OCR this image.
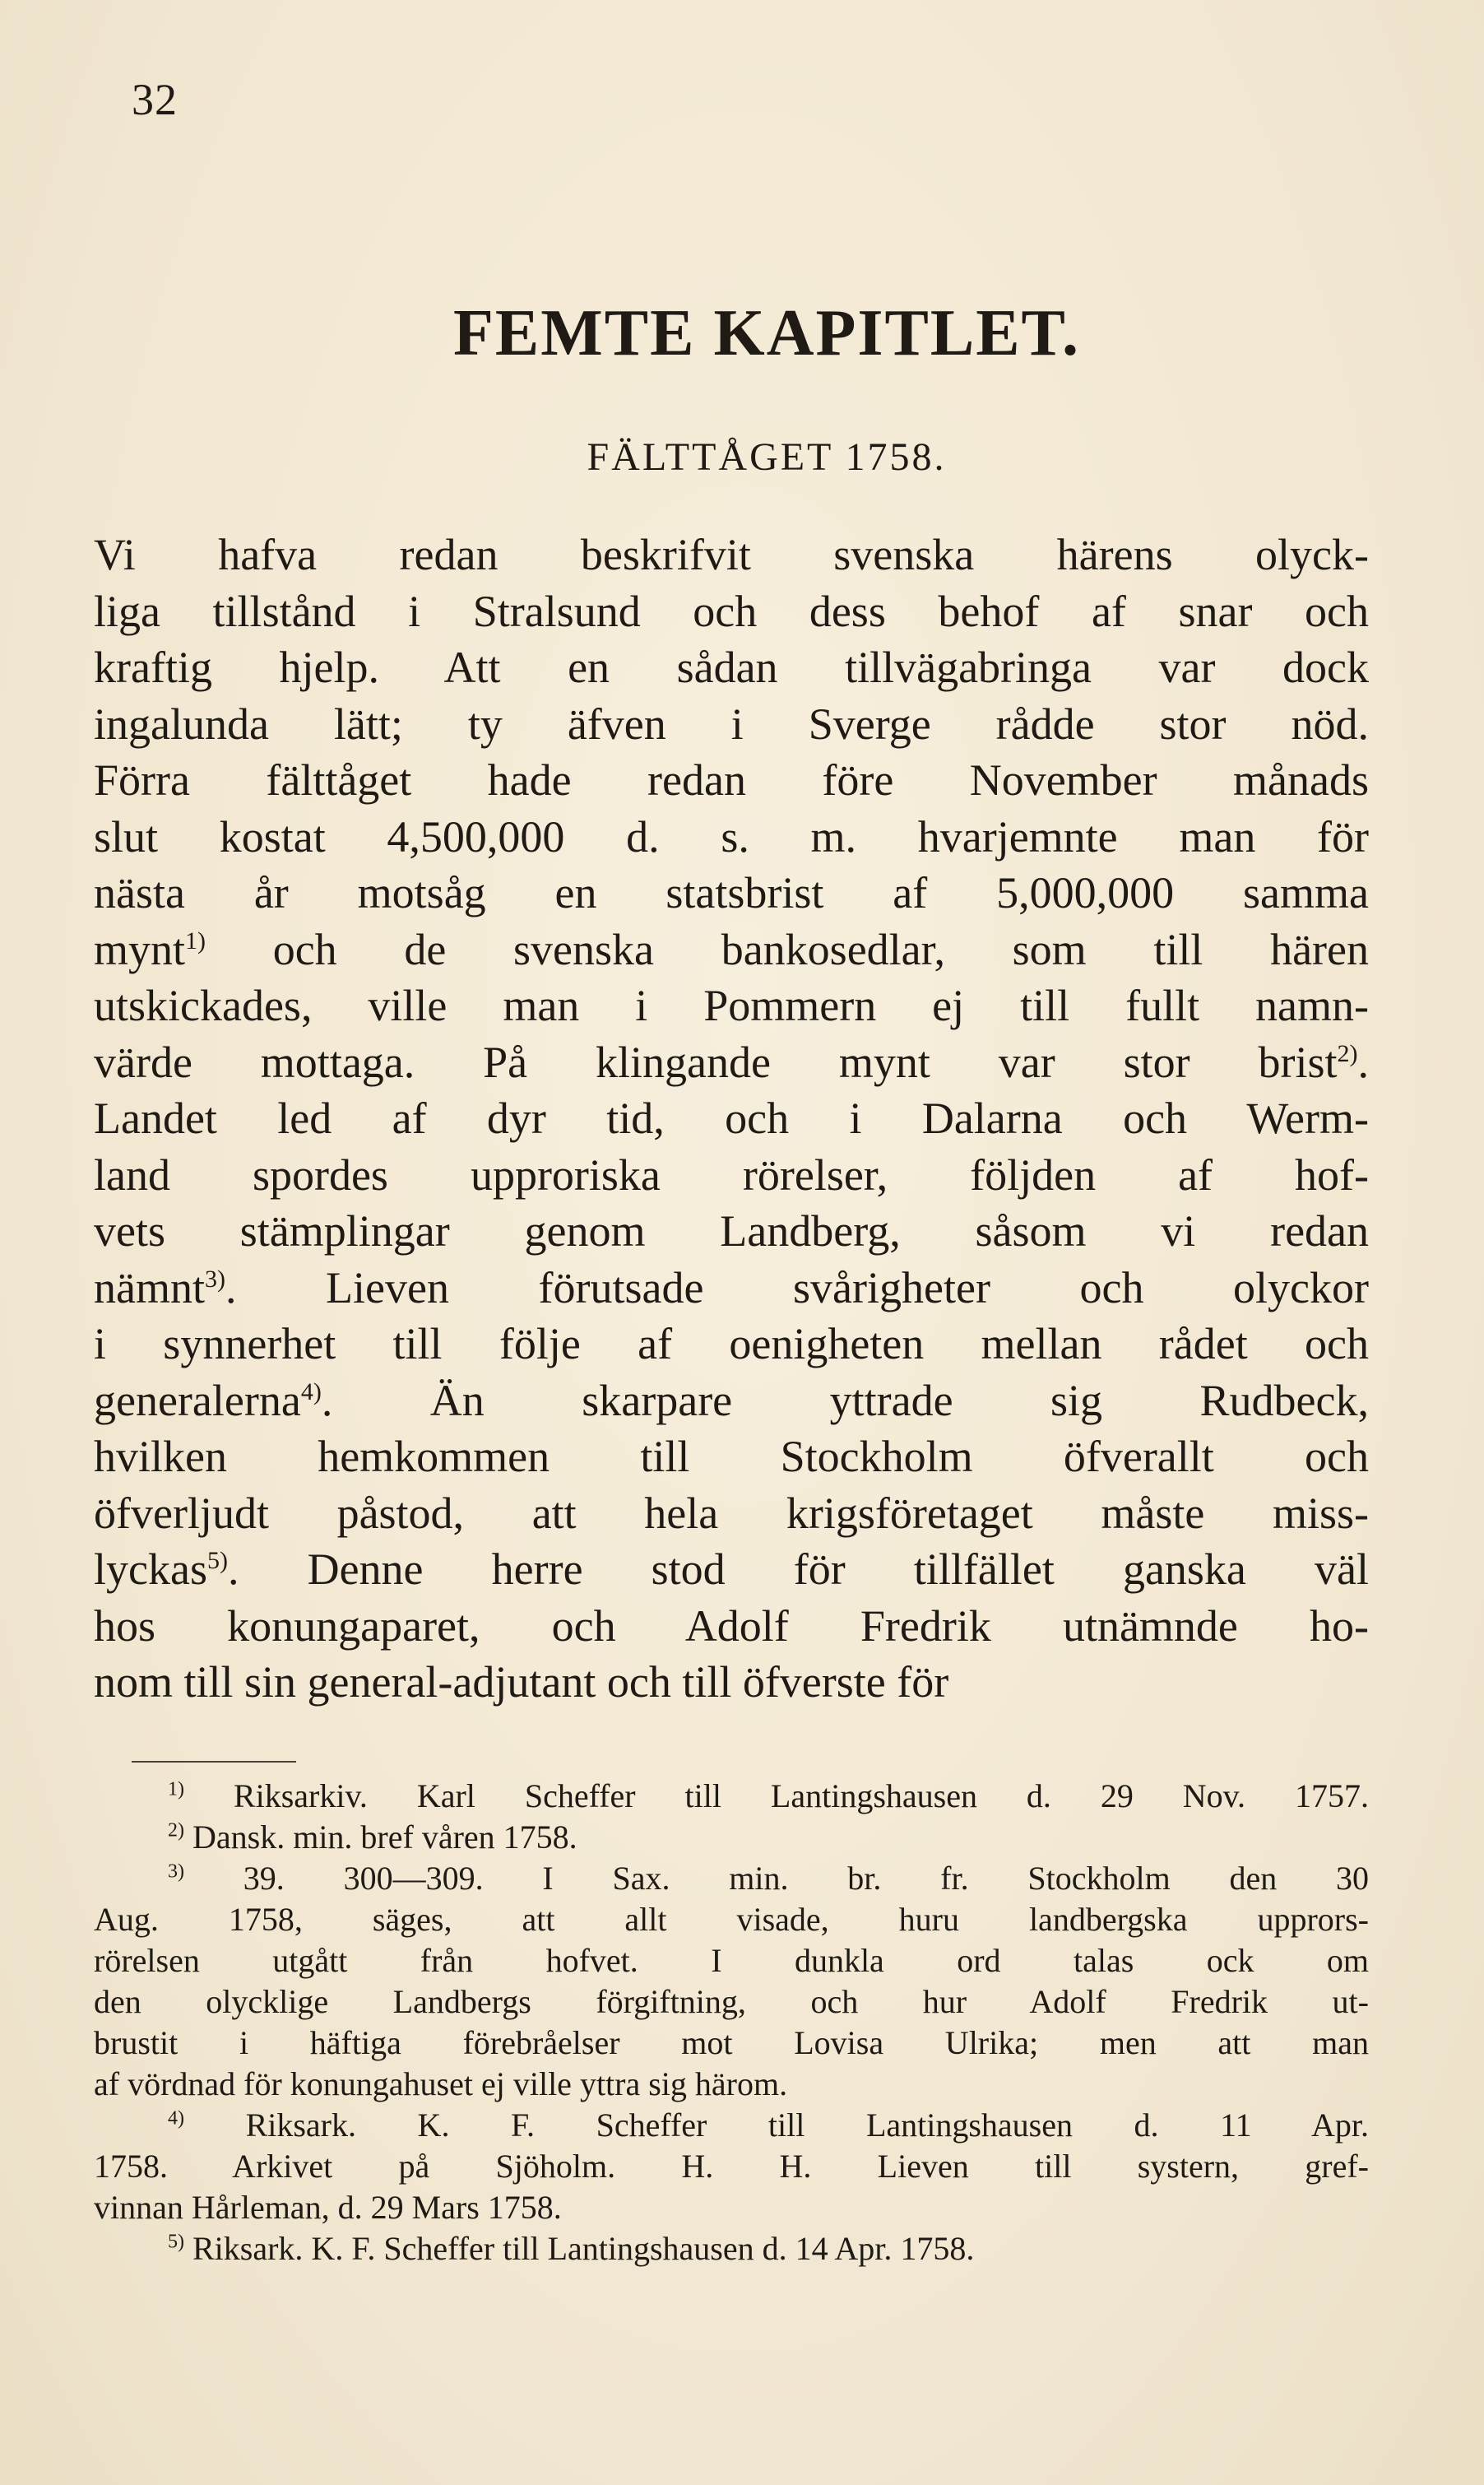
32
FEMTE KAPITLET.
FÄLTTÅGET 1758.
Vi hafva redan beskrifvit svenska härens olyck-
liga tillstånd i Stralsund och dess behof af snar och
kraftig hjelp. Att en sådan tillvägabringa var dock
ingalunda lätt; ty äfven i Sverge rådde stor nöd.
Förra fälttåget hade redan före November månads
slut kostat 4,500,000 d. s. m. hvarjemnte man för
nästa år motsåg en statsbrist af 5,000,000 samma
mynt$^{1)}$ och de svenska bankosedlar, som till hären
utskickades, ville man i Pommern ej till fullt namn-
värde mottaga. På klingande mynt var stor brist$^{2)}$.
Landet led af dyr tid, och i Dalarna och Werm-
land spordes upproriska rörelser, följden af hof-
vets stämplingar genom Landberg, såsom vi redan
nämnt$^{3)}$. Lieven förutsade svårigheter och olyckor
i synnerhet till följe af oenigheten mellan rådet och
generalerna$^{4)}$. Än skarpare yttrade sig Rudbeck,
hvilken hemkommen till Stockholm öfverallt och
öfverljudt påstod, att hela krigsföretaget måste miss-
lyckas$^{5)}$. Denne herre stod för tillfället ganska väl
hos konungaparet, och Adolf Fredrik utnämnde ho-
nom till sin general-adjutant och till öfverste för
$^{1)}$ Riksarkiv. Karl Scheffer till Lantingshausen d. 29 Nov. 1757.
$^{2)}$ Dansk. min. bref våren 1758.
$^{3)}$ 39. 300—309. I Sax. min. br. fr. Stockholm den 30
Aug. 1758, säges, att allt visade, huru landbergska upprors-
rörelsen utgått från hofvet. I dunkla ord talas ock om
den olycklige Landbergs förgiftning, och hur Adolf Fredrik ut-
brustit i häftiga förebråelser mot Lovisa Ulrika; men att man
af vördnad för konungahuset ej ville yttra sig härom.
$^{4)}$ Riksark. K. F. Scheffer till Lantingshausen d. 11 Apr.
1758. Arkivet på Sjöholm. H. H. Lieven till systern, gref-
vinnan Hårleman, d. 29 Mars 1758.
$^{5)}$ Riksark. K. F. Scheffer till Lantingshausen d. 14 Apr. 1758.
